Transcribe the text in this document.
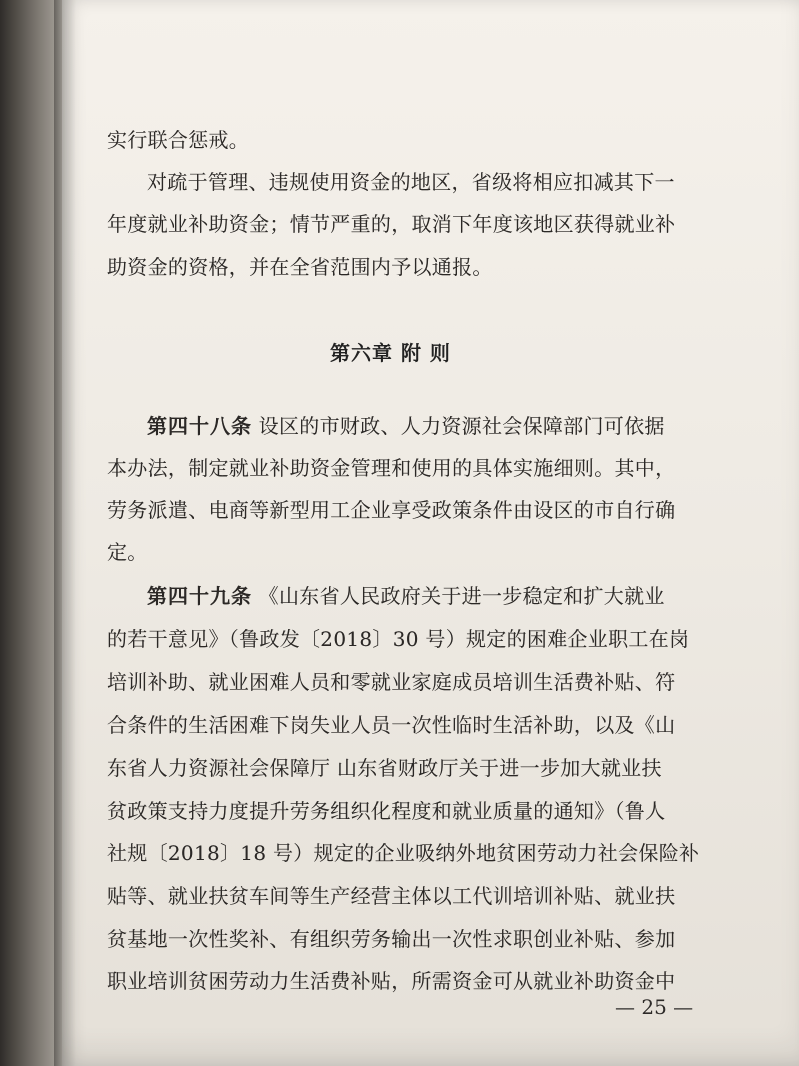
实行联合惩戒。
对疏于管理、违规使用资金的地区，省级将相应扣减其下一
年度就业补助资金；情节严重的，取消下年度该地区获得就业补
助资金的资格，并在全省范围内予以通报。
第六章 附 则
第四十八条 设区的市财政、人力资源社会保障部门可依据
本办法，制定就业补助资金管理和使用的具体实施细则。其中，
劳务派遣、电商等新型用工企业享受政策条件由设区的市自行确
定。
第四十九条 《山东省人民政府关于进一步稳定和扩大就业
的若干意见》（鲁政发〔2018〕30 号）规定的困难企业职工在岗
培训补助、就业困难人员和零就业家庭成员培训生活费补贴、符
合条件的生活困难下岗失业人员一次性临时生活补助，以及《山
东省人力资源社会保障厅 山东省财政厅关于进一步加大就业扶
贫政策支持力度提升劳务组织化程度和就业质量的通知》（鲁人
社规〔2018〕18 号）规定的企业吸纳外地贫困劳动力社会保险补
贴等、就业扶贫车间等生产经营主体以工代训培训补贴、就业扶
贫基地一次性奖补、有组织劳务输出一次性求职创业补贴、参加
职业培训贫困劳动力生活费补贴，所需资金可从就业补助资金中
— 25 —
